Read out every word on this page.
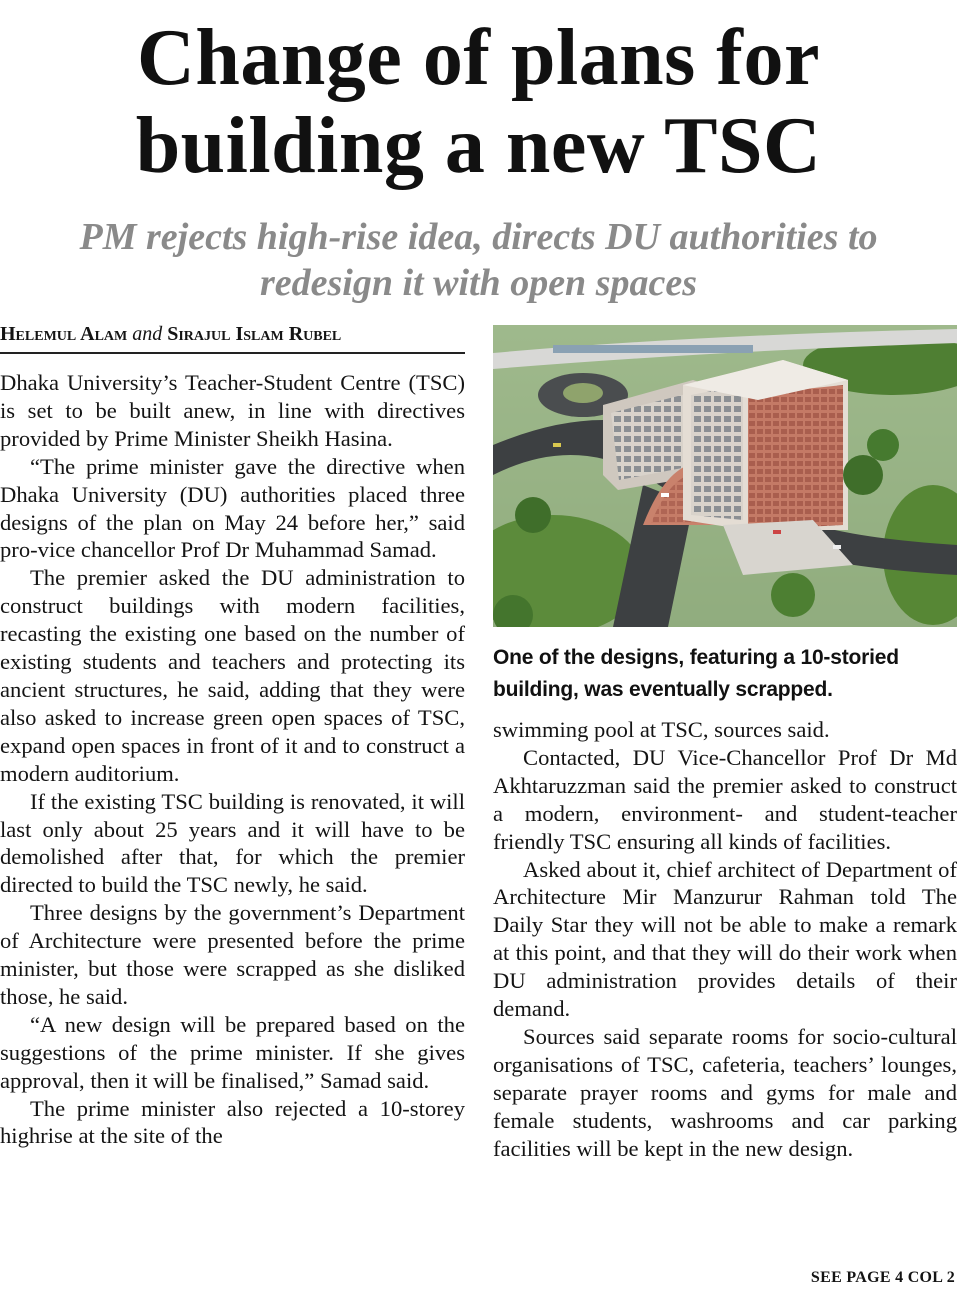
Change of plans for
building a new TSC
PM rejects high-rise idea, directs DU authorities to
redesign it with open spaces
Helemul Alam and Sirajul Islam Rubel

Dhaka University’s Teacher-Student Centre (TSC) is set to be built anew, in line with directives provided by Prime Minister Sheikh Hasina.

“The prime minister gave the directive when Dhaka University (DU) authorities placed three designs of the plan on May 24 before her,” said pro-vice chancellor Prof Dr Muhammad Samad.

The premier asked the DU administration to construct buildings with modern facilities, recasting the existing one based on the number of existing students and teachers and protecting its ancient structures, he said, adding that they were also asked to increase green open spaces of TSC, expand open spaces in front of it and to construct a modern auditorium.

If the existing TSC building is renovated, it will last only about 25 years and it will have to be demolished after that, for which the premier directed to build the TSC newly, he said.

Three designs by the government’s Department of Architecture were presented before the prime minister, but those were scrapped as she disliked those, he said.

“A new design will be prepared based on the suggestions of the prime minister. If she gives approval, then it will be finalised,” Samad said.

The prime minister also rejected a 10-storey highrise at the site of the

One of the designs, featuring a 10-storied building, was eventually scrapped.

swimming pool at TSC, sources said.

Contacted, DU Vice-Chancellor Prof Dr Md Akhtaruzzman said the premier asked to construct a modern, environment- and student-teacher friendly TSC ensuring all kinds of facilities.

Asked about it, chief architect of Department of Architecture Mir Manzurur Rahman told The Daily Star they will not be able to make a remark at this point, and that they will do their work when DU administration provides details of their demand.

Sources said separate rooms for socio-cultural organisations of TSC, cafeteria, teachers’ lounges, separate prayer rooms and gyms for male and female students, washrooms and car parking facilities will be kept in the new design.

SEE PAGE 4 COL 2
